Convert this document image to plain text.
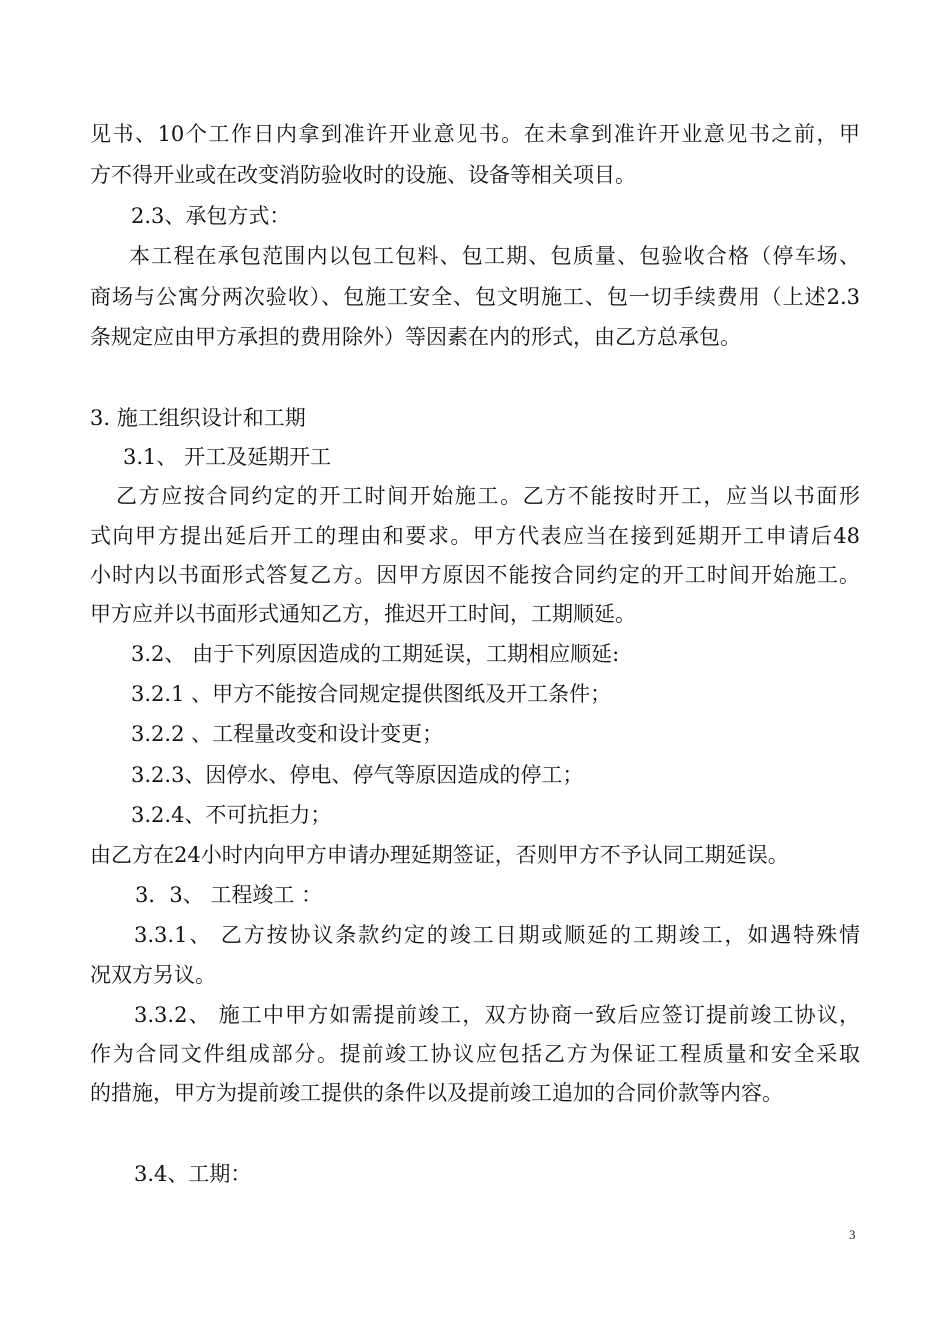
见书、10个工作日内拿到准许开业意见书。在未拿到准许开业意见书之前，甲
方不得开业或在改变消防验收时的设施、设备等相关项目。
2.3、承包方式：
本工程在承包范围内以包工包料、包工期、包质量、包验收合格（停车场、
商场与公寓分两次验收）、包施工安全、包文明施工、包一切手续费用（上述2.3
条规定应由甲方承担的费用除外）等因素在内的形式，由乙方总承包。
3. 施工组织设计和工期
3.1、 开工及延期开工
乙方应按合同约定的开工时间开始施工。乙方不能按时开工，应当以书面形
式向甲方提出延后开工的理由和要求。甲方代表应当在接到延期开工申请后48
小时内以书面形式答复乙方。因甲方原因不能按合同约定的开工时间开始施工。
甲方应并以书面形式通知乙方，推迟开工时间，工期顺延。
3.2、 由于下列原因造成的工期延误，工期相应顺延:
3.2.1 、甲方不能按合同规定提供图纸及开工条件；
3.2.2 、工程量改变和设计变更；
3.2.3、因停水、停电、停气等原因造成的停工；
3.2.4、不可抗拒力；
由乙方在24小时内向甲方申请办理延期签证，否则甲方不予认同工期延误。
3．3、 工程竣工 ：
3.3.1、 乙方按协议条款约定的竣工日期或顺延的工期竣工，如遇特殊情
况双方另议。
3.3.2、 施工中甲方如需提前竣工，双方协商一致后应签订提前竣工协议，
作为合同文件组成部分。提前竣工协议应包括乙方为保证工程质量和安全采取
的措施，甲方为提前竣工提供的条件以及提前竣工追加的合同价款等内容。
3.4、工期：
3
